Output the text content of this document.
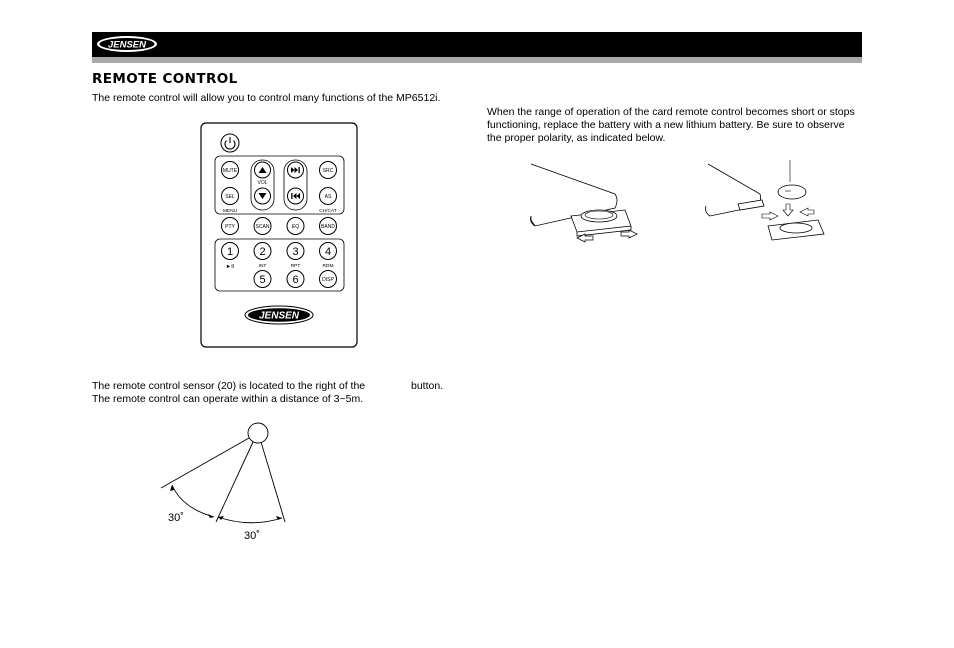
JENSEN
REMOTE CONTROL

The remote control will allow you to control many functions of the MP6512i.

MUTE	SRC
VOL
SEL	AS
MENU	CH/CAT
PTY	SCAN	EQ	BAND
1 2 3 4
►II	INT	RPT	RDM
5 6	DISP
JENSEN

The remote control sensor (20) is located to the right of the	button.

The remote control can operate within a distance of 3~5m.

30˚
30˚

When the range of operation of the card remote control becomes short or stops functioning, replace the battery with a new lithium battery. Be sure to observe the proper polarity, as indicated below.
